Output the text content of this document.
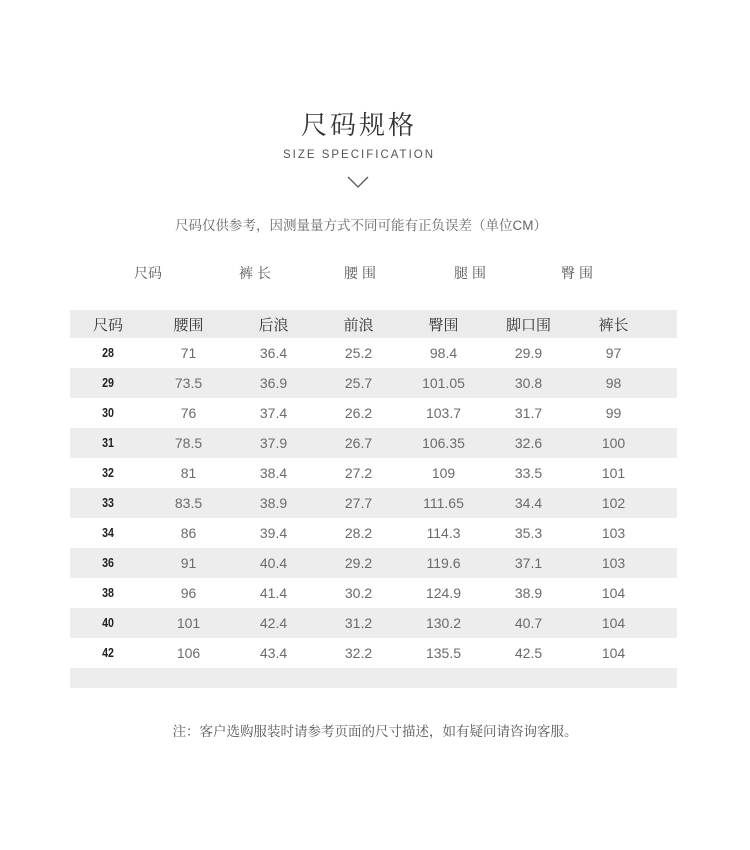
尺码规格
SIZE SPECIFICATION
尺码仅供参考，因测量量方式不同可能有正负误差（单位CM）
尺码	裤 长	腰 围	腿 围	臀 围
尺码	腰围	后浪	前浪	臀围	脚口围	裤长
28	71	36.4	25.2	98.4	29.9	97
29	73.5	36.9	25.7	101.05	30.8	98
30	76	37.4	26.2	103.7	31.7	99
31	78.5	37.9	26.7	106.35	32.6	100
32	81	38.4	27.2	109	33.5	101
33	83.5	38.9	27.7	111.65	34.4	102
34	86	39.4	28.2	114.3	35.3	103
36	91	40.4	29.2	119.6	37.1	103
38	96	41.4	30.2	124.9	38.9	104
40	101	42.4	31.2	130.2	40.7	104
42	106	43.4	32.2	135.5	42.5	104
注：客户选购服装时请参考页面的尺寸描述，如有疑问请咨询客服。
